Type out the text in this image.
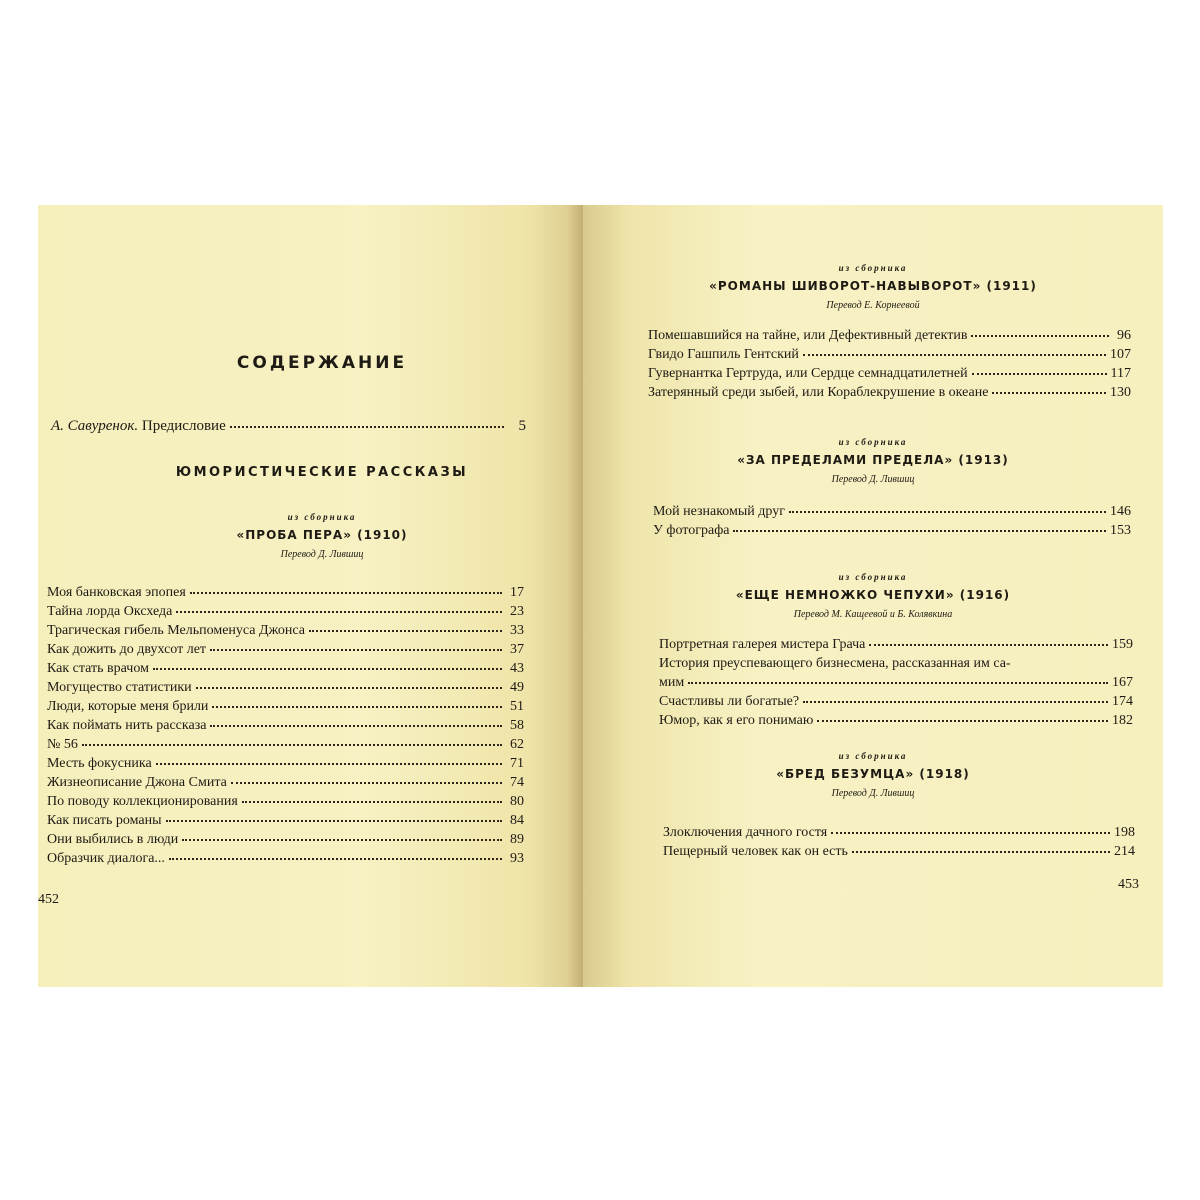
СОДЕРЖАНИЕ
А. Савуренок. Предисловие	5
ЮМОРИСТИЧЕСКИЕ РАССКАЗЫ
из сборника
«ПРОБА ПЕРА» (1910)
Перевод Д. Лившиц
Моя банковская эпопея	17
Тайна лорда Оксхеда	23
Трагическая гибель Мельпоменуса Джонса	33
Как дожить до двухсот лет	37
Как стать врачом	43
Могущество статистики	49
Люди, которые меня брили	51
Как поймать нить рассказа	58
№ 56	62
Месть фокусника	71
Жизнеописание Джона Смита	74
По поводу коллекционирования	80
Как писать романы	84
Они выбились в люди	89
Образчик диалога...	93
452
из сборника
«РОМАНЫ ШИВОРОТ-НАВЫВОРОТ» (1911)
Перевод Е. Корнеевой
Помешавшийся на тайне, или Дефективный детектив	96
Гвидо Гашпиль Гентский	107
Гувернантка Гертруда, или Сердце семнадцатилетней	117
Затерянный среди зыбей, или Кораблекрушение в океане	130
из сборника
«ЗА ПРЕДЕЛАМИ ПРЕДЕЛА» (1913)
Перевод Д. Лившиц
Мой незнакомый друг	146
У фотографа	153
из сборника
«ЕЩЕ НЕМНОЖКО ЧЕПУХИ» (1916)
Перевод М. Кащеевой и Б. Колявкина
Портретная галерея мистера Грача	159
История преуспевающего бизнесмена, рассказанная им са-
мим	167
Счастливы ли богатые?	174
Юмор, как я его понимаю	182
из сборника
«БРЕД БЕЗУМЦА» (1918)
Перевод Д. Лившиц
Злоключения дачного гостя	198
Пещерный человек как он есть	214
453
